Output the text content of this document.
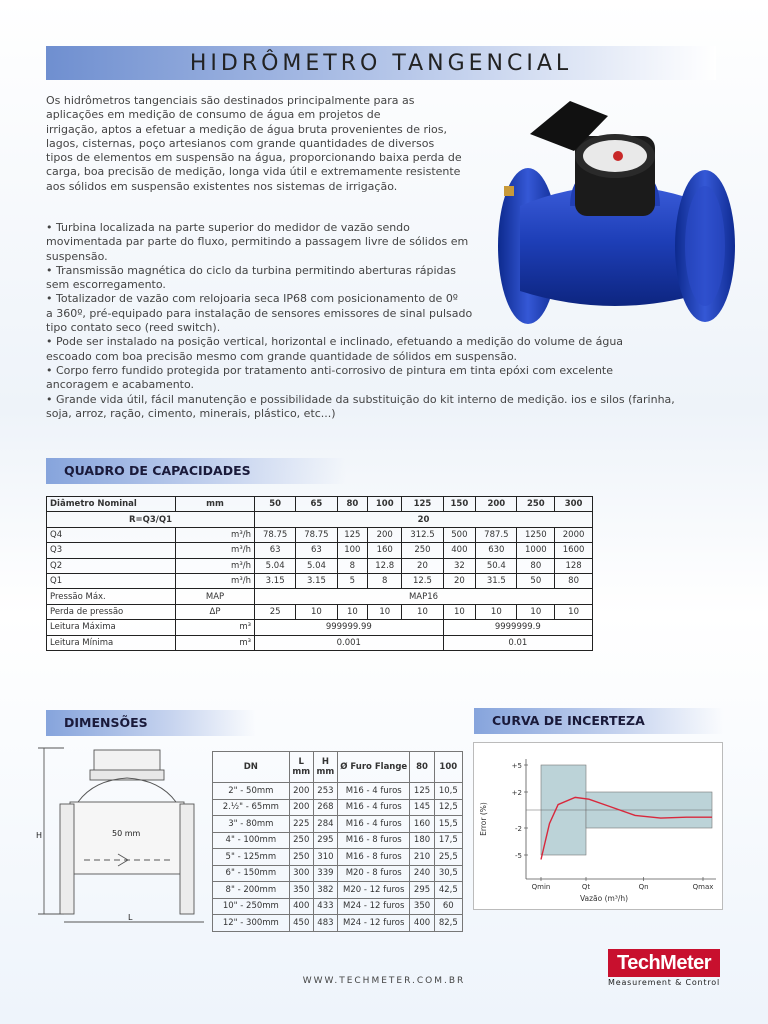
HIDRÔMETRO TANGENCIAL
Os hidrômetros tangenciais são destinados principalmente para as
aplicações em medição de consumo de água em projetos de
irrigação, aptos a efetuar a medição de água bruta provenientes de rios,
lagos, cisternas, poço artesianos com grande quantidades de diversos
tipos de elementos em suspensão na água, proporcionando baixa perda de
carga, boa precisão de medição, longa vida útil e extremamente resistente
aos sólidos em suspensão existentes nos sistemas de irrigação.
• Turbina localizada na parte superior do medidor de vazão sendo
movimentada par parte do fluxo, permitindo a passagem livre de sólidos em
suspensão.
• Transmissão magnética do ciclo da turbina permitindo aberturas rápidas
sem escorregamento.
• Totalizador de vazão com relojoaria seca IP68 com posicionamento de 0º
a 360º, pré-equipado para instalação de sensores emissores de sinal pulsado
tipo contato seco (reed switch).
• Pode ser instalado na posição vertical, horizontal e inclinado, efetuando a medição do volume de água
escoado com boa precisão mesmo com grande quantidade de sólidos em suspensão.
• Corpo ferro fundido protegida por tratamento anti-corrosivo de pintura em tinta epóxi com excelente
ancoragem e acabamento.
• Grande vida útil, fácil manutenção e possibilidade da substituição do kit interno de medição. ios e silos (farinha,
soja, arroz, ração, cimento, minerais, plástico, etc...)
QUADRO DE CAPACIDADES
Diâmetro Nominal	mm	50	65	80	100	125	150	200	250	300
R=Q3/Q1		20								
Q4	m³/h	78.75	78.75	125	200	312.5	500	787.5	1250	2000
Q3	m³/h	63	63	100	160	250	400	630	1000	1600
Q2	m³/h	5.04	5.04	8	12.8	20	32	50.4	80	128
Q1	m³/h	3.15	3.15	5	8	12.5	20	31.5	50	80
Pressão Máx.	MAP	MAP16								
Perda de pressão	ΔP	25	10	10	10	10	10	10	10	10
Leitura Máxima	m³	999999.99					9999999.9			
Leitura Mínima	m³	0.001					0.01			
DIMENSÕES
50 mm
H
L
DN	L mm	H mm	Ø Furo Flange	80	100
2" - 50mm	200	253	M16 - 4 furos	125	10,5
2.½" - 65mm	200	268	M16 - 4 furos	145	12,5
3" - 80mm	225	284	M16 - 4 furos	160	15,5
4" - 100mm	250	295	M16 - 8 furos	180	17,5
5" - 125mm	250	310	M16 - 8 furos	210	25,5
6" - 150mm	300	339	M20 - 8 furos	240	30,5
8" - 200mm	350	382	M20 - 12 furos	295	42,5
10" - 250mm	400	433	M24 - 12 furos	350	60
12" - 300mm	450	483	M24 - 12 furos	400	82,5
CURVA DE INCERTEZA
+5
+2
-2
-5
Qmin	Qt	Qn	Qmax
Error (%)
Vazão (m³/h)
WWW.TECHMETER.COM.BR
TechMeter
Measurement & Control
